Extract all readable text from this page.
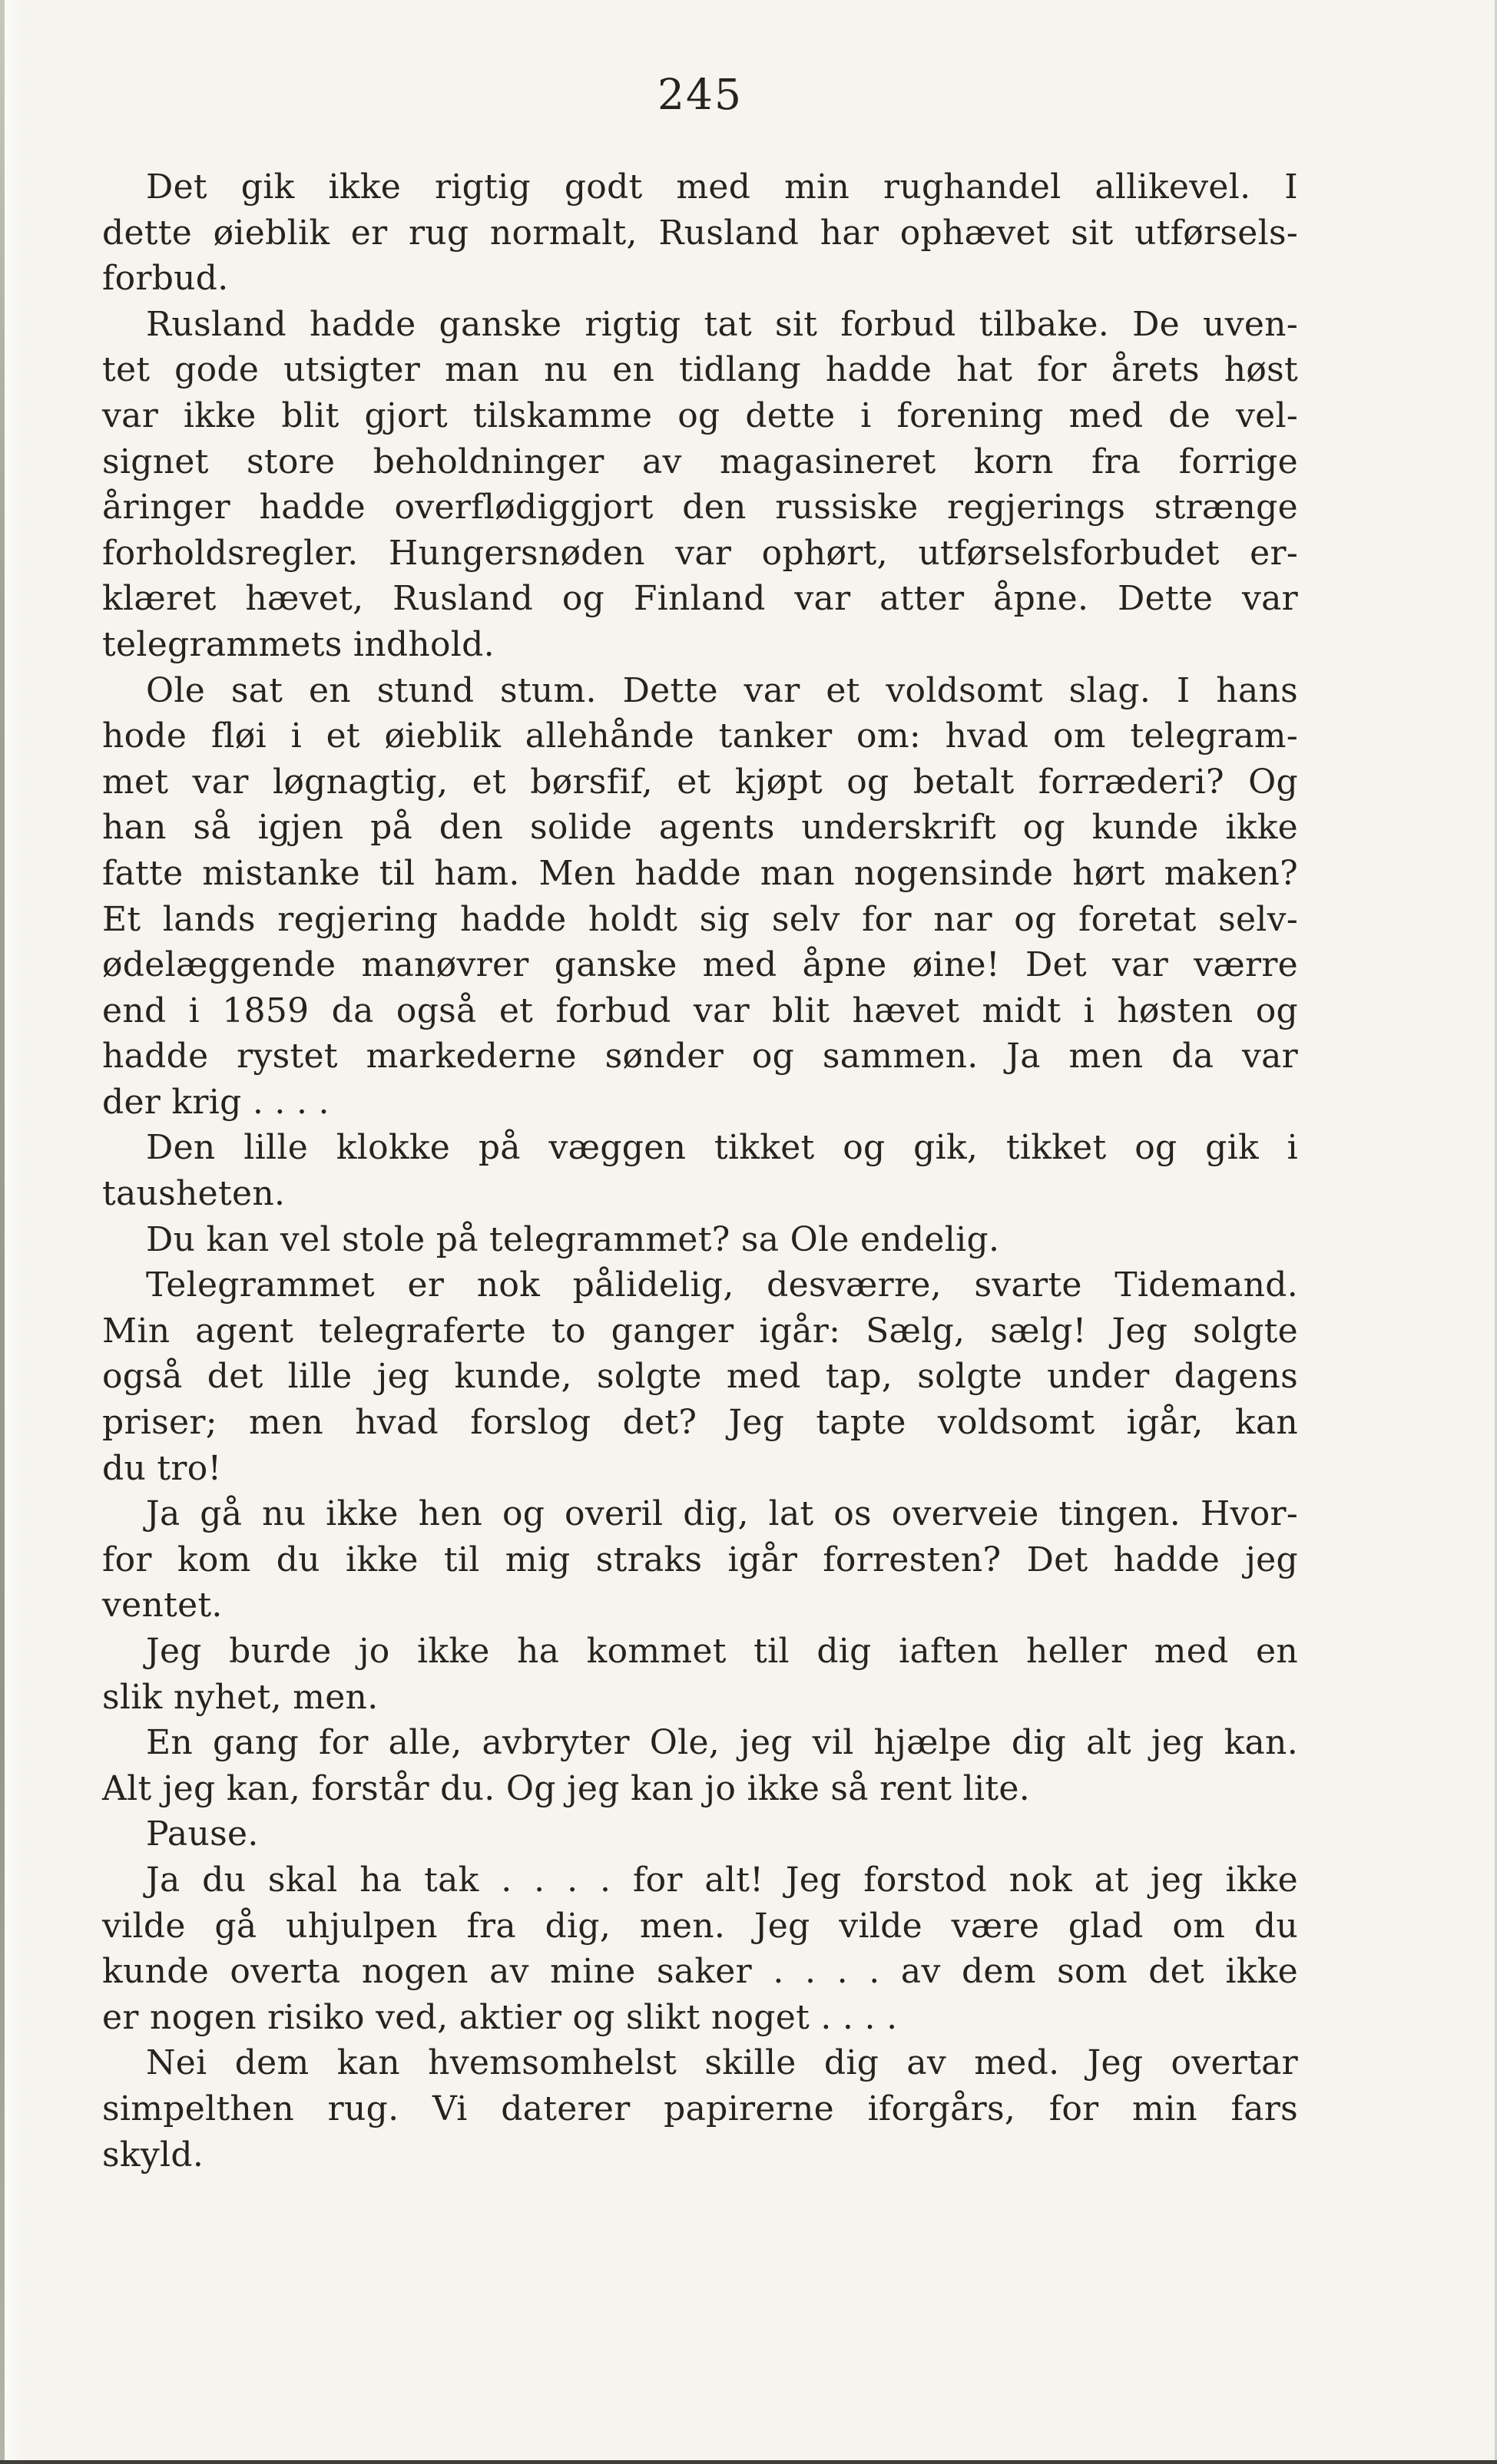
245
Det gik ikke rigtig godt med min rughandel allikevel. I
dette øieblik er rug normalt, Rusland har ophævet sit utførsels-
forbud.
Rusland hadde ganske rigtig tat sit forbud tilbake. De uven-
tet gode utsigter man nu en tidlang hadde hat for årets høst
var ikke blit gjort tilskamme og dette i forening med de vel-
signet store beholdninger av magasineret korn fra forrige
åringer hadde overflødiggjort den russiske regjerings strænge
forholdsregler. Hungersnøden var ophørt, utførselsforbudet er-
klæret hævet, Rusland og Finland var atter åpne. Dette var
telegrammets indhold.
Ole sat en stund stum. Dette var et voldsomt slag. I hans
hode fløi i et øieblik allehånde tanker om: hvad om telegram-
met var løgnagtig, et børsfif, et kjøpt og betalt forræderi? Og
han så igjen på den solide agents underskrift og kunde ikke
fatte mistanke til ham. Men hadde man nogensinde hørt maken?
Et lands regjering hadde holdt sig selv for nar og foretat selv-
ødelæggende manøvrer ganske med åpne øine! Det var værre
end i 1859 da også et forbud var blit hævet midt i høsten og
hadde rystet markederne sønder og sammen. Ja men da var
der krig . . . .
Den lille klokke på væggen tikket og gik, tikket og gik i
tausheten.
Du kan vel stole på telegrammet? sa Ole endelig.
Telegrammet er nok pålidelig, desværre, svarte Tidemand.
Min agent telegraferte to ganger igår: Sælg, sælg! Jeg solgte
også det lille jeg kunde, solgte med tap, solgte under dagens
priser; men hvad forslog det? Jeg tapte voldsomt igår, kan
du tro!
Ja gå nu ikke hen og overil dig, lat os overveie tingen. Hvor-
for kom du ikke til mig straks igår forresten? Det hadde jeg
ventet.
Jeg burde jo ikke ha kommet til dig iaften heller med en
slik nyhet, men.
En gang for alle, avbryter Ole, jeg vil hjælpe dig alt jeg kan.
Alt jeg kan, forstår du. Og jeg kan jo ikke så rent lite.
Pause.
Ja du skal ha tak . . . . for alt! Jeg forstod nok at jeg ikke
vilde gå uhjulpen fra dig, men. Jeg vilde være glad om du
kunde overta nogen av mine saker . . . . av dem som det ikke
er nogen risiko ved, aktier og slikt noget . . . .
Nei dem kan hvemsomhelst skille dig av med. Jeg overtar
simpelthen rug. Vi daterer papirerne iforgårs, for min fars
skyld.
